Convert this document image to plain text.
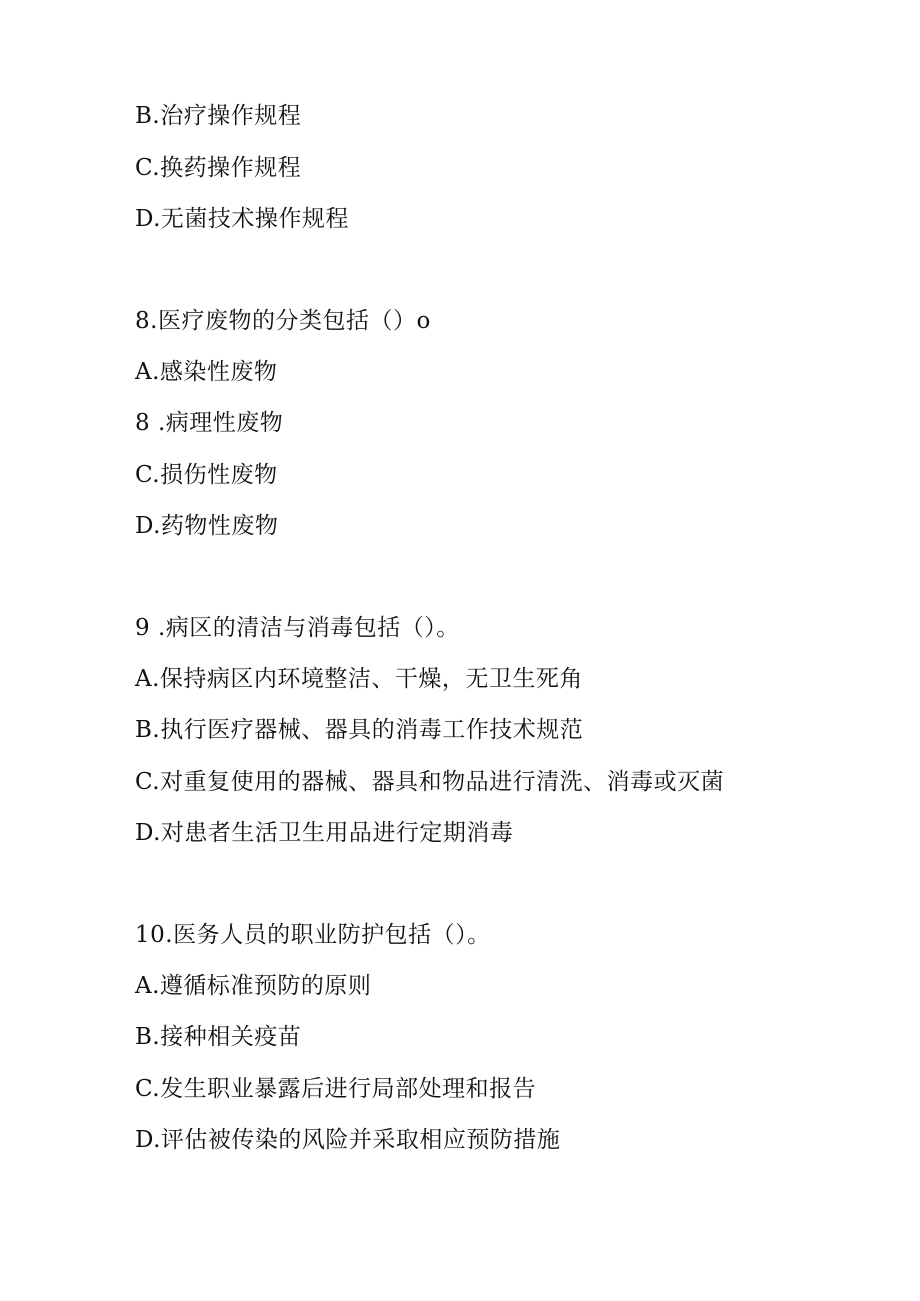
B.治疗操作规程
C.换药操作规程
D.无菌技术操作规程
8.医疗废物的分类包括（）o
A.感染性废物
8 .病理性废物
C.损伤性废物
D.药物性废物
9 .病区的清洁与消毒包括（）。
A.保持病区内环境整洁、干燥，无卫生死角
B.执行医疗器械、器具的消毒工作技术规范
C.对重复使用的器械、器具和物品进行清洗、消毒或灭菌
D.对患者生活卫生用品进行定期消毒
10.医务人员的职业防护包括（）。
A.遵循标准预防的原则
B.接种相关疫苗
C.发生职业暴露后进行局部处理和报告
D.评估被传染的风险并采取相应预防措施
